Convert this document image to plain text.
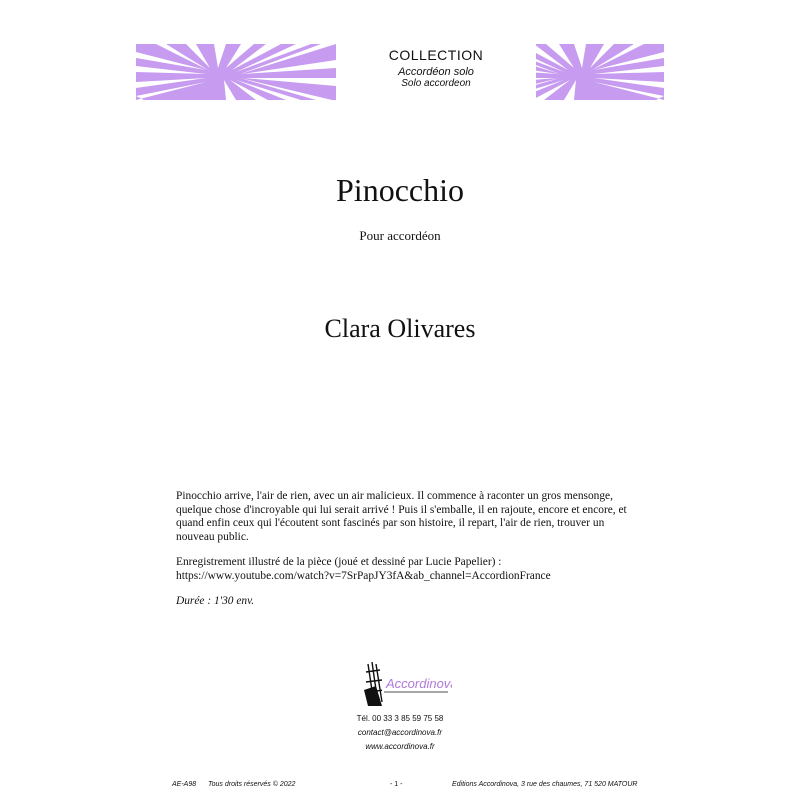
COLLECTION
Accordéon solo
Solo accordeon
Pinocchio
Pour accordéon
Clara Olivares

Pinocchio arrive, l'air de rien, avec un air malicieux. Il commence à raconter un gros mensonge, quelque chose d'incroyable qui lui serait arrivé ! Puis il s'emballe, il en rajoute, encore et encore, et quand enfin ceux qui l'écoutent sont fascinés par son histoire, il repart, l'air de rien, trouver un nouveau public.

Enregistrement illustré de la pièce (joué et dessiné par Lucie Papelier) :
https://www.youtube.com/watch?v=7SrPapJY3fA&ab_channel=AccordionFrance

Durée : 1'30 env.

Accordinova
Tél. 00 33 3 85 59 75 58
contact@accordinova.fr
www.accordinova.fr
AE-A98 Tous droits réservés © 2022	- 1 -	Editions Accordinova, 3 rue des chaumes, 71 520 MATOUR
